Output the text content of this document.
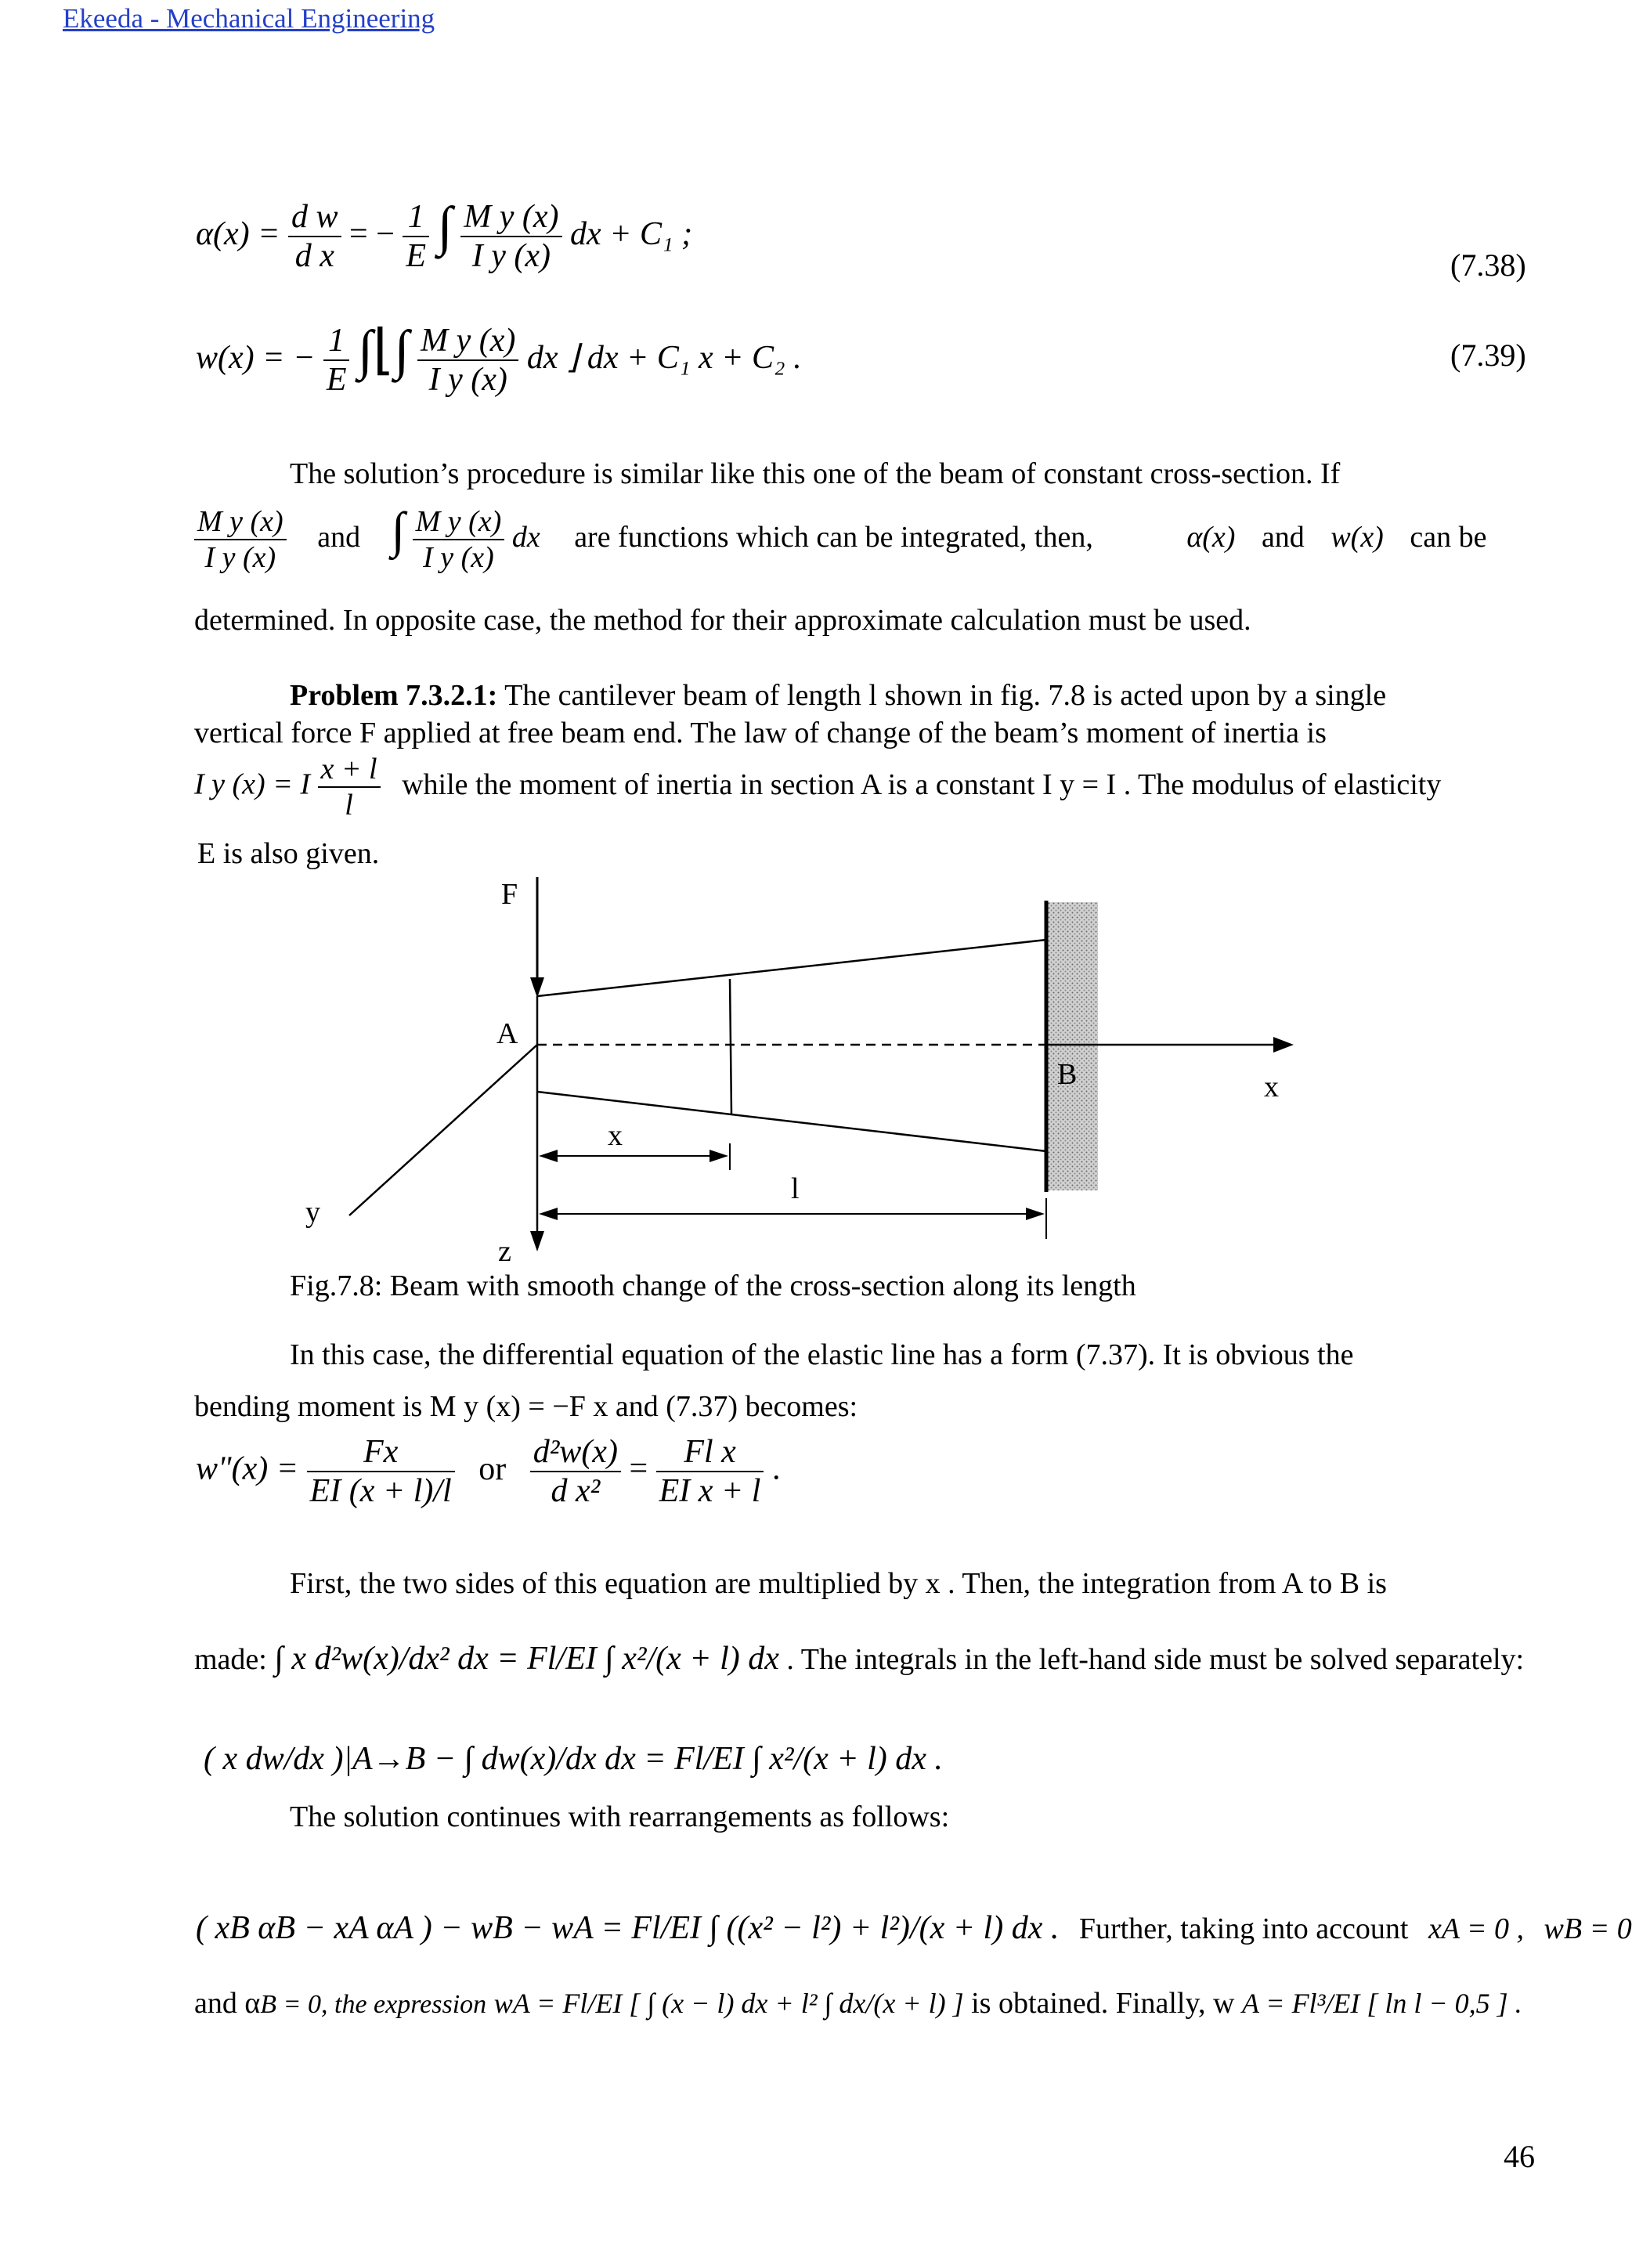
Ekeeda - Mechanical Engineering
$\alpha(x) = \frac{\text{d w}}{\text{d x}}$ = − $\frac{1}{E}$ ∫ $\frac{\text{M y (x)}}{\text{I y (x)}}$ dx + C₁ ;
(7.38)
w(x) = − $\frac{1}{E}$ ∫⌊∫ $\frac{\text{M y (x)}}{\text{I y (x)}}$ dx ⌋ dx + C₁ x + C₂ .	(7.39)
The solution’s procedure is similar like this one of the beam of constant cross-section. If
$\frac{\text{M y (x)}}{\text{I y (x)}}$ and ∫ $\frac{\text{M y (x)}}{\text{I y (x)}}$ dx are functions which can be integrated, then,	α(x) and w(x) can be
determined. In opposite case, the method for their approximate calculation must be used.
Problem 7.3.2.1: The cantilever beam of length l shown in fig. 7.8 is acted upon by a single
vertical force F applied at free beam end. The law of change of the beam’s moment of inertia is
I y (x) = I $\frac{x + l}{l}$ while the moment of inertia in section A is a constant I y = I . The modulus of elasticity
E is also given.
F
A
B	x
x
l
y
z
Fig.7.8: Beam with smooth change of the cross-section along its length
In this case, the differential equation of the elastic line has a form (7.37). It is obvious the
bending moment is M y (x) = −F x and (7.37) becomes:
w"(x) = $\frac{Fx}{EI (x + l)/l}$ or $\frac{\text{d²w(x)}}{\text{d x²}} = \frac{\text{Fl x}}{\text{EI x + l}}$ .
First, the two sides of this equation are multiplied by x . Then, the integration from A to B is
made: ∫ x d²w(x)/dx² dx = Fl/EI ∫ x²/(x + l) dx . The integrals in the left-hand side must be solved separately:
( x dw/dx )|A→B − ∫ dw(x)/dx dx = Fl/EI ∫ x²/(x + l) dx .
The solution continues with rearrangements as follows:
( xB αB − xA αA ) − wB − wA = Fl/EI ∫ ((x² − l²) + l²)/(x + l) dx . Further, taking into account xA = 0 , wB = 0
and αB = 0, the expression wA = Fl/EI [ ∫ (x − l) dx + l² ∫ dx/(x + l) ] is obtained. Finally, w A = Fl³/EI [ ln l − 0,5 ] .
46
